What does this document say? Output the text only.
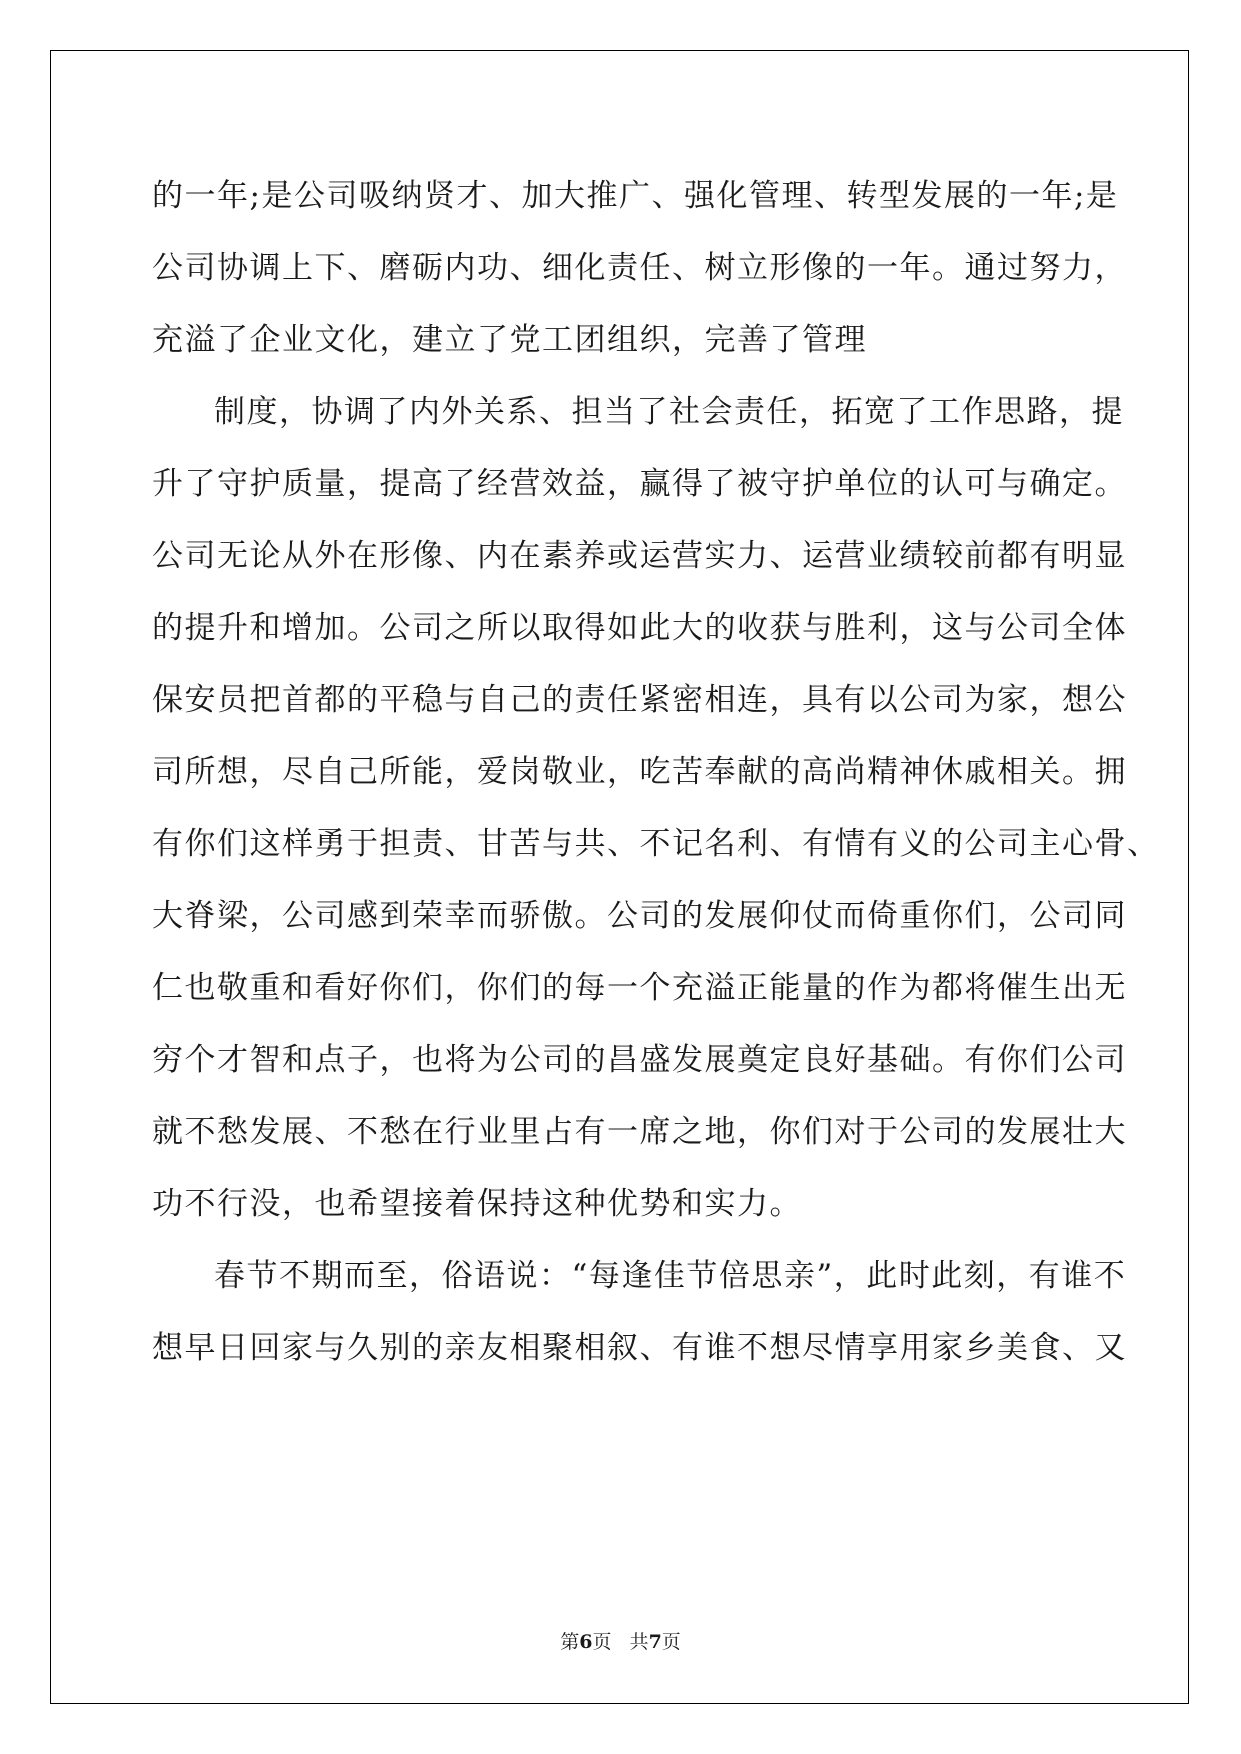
的一年;是公司吸纳贤才、加大推广、强化管理、转型发展的一年;是
公司协调上下、磨砺内功、细化责任、树立形像的一年。通过努力，
充溢了企业文化，建立了党工团组织，完善了管理
制度，协调了内外关系、担当了社会责任，拓宽了工作思路，提
升了守护质量，提高了经营效益，赢得了被守护单位的认可与确定。
公司无论从外在形像、内在素养或运营实力、运营业绩较前都有明显
的提升和增加。公司之所以取得如此大的收获与胜利，这与公司全体
保安员把首都的平稳与自己的责任紧密相连，具有以公司为家，想公
司所想，尽自己所能，爱岗敬业，吃苦奉献的高尚精神休戚相关。拥
有你们这样勇于担责、甘苦与共、不记名利、有情有义的公司主心骨、
大脊梁，公司感到荣幸而骄傲。公司的发展仰仗而倚重你们，公司同
仁也敬重和看好你们，你们的每一个充溢正能量的作为都将催生出无
穷个才智和点子，也将为公司的昌盛发展奠定良好基础。有你们公司
就不愁发展、不愁在行业里占有一席之地，你们对于公司的发展壮大
功不行没，也希望接着保持这种优势和实力。
春节不期而至，俗语说：“每逢佳节倍思亲”，此时此刻，有谁不
想早日回家与久别的亲友相聚相叙、有谁不想尽情享用家乡美食、又
第6页   共7页
